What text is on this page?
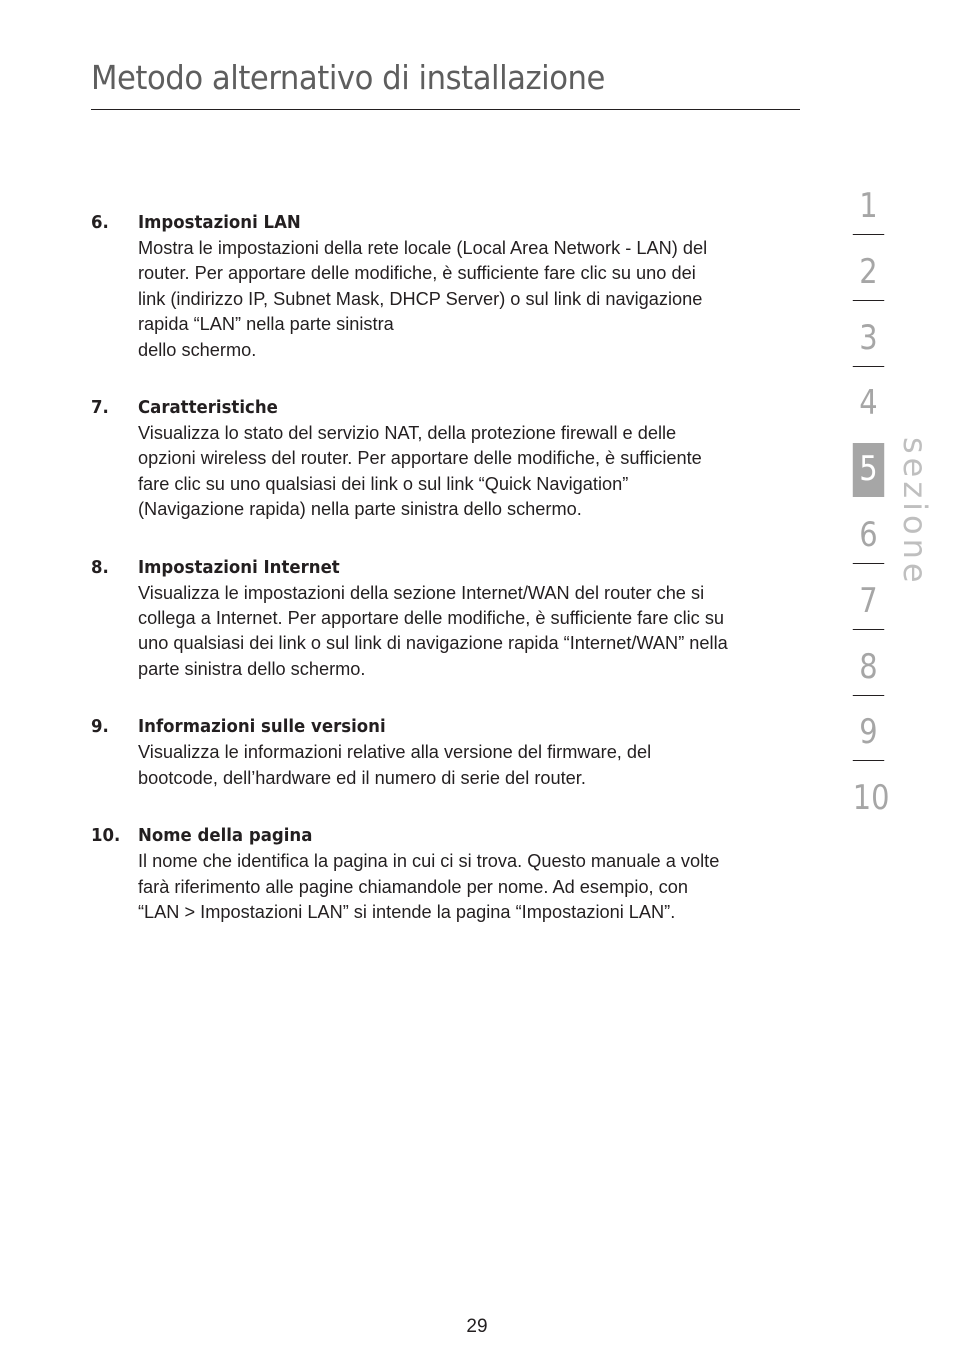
Metodo alternativo di installazione
6. Impostazioni LAN

Mostra le impostazioni della rete locale (Local Area Network - LAN) del
router. Per apportare delle modifiche, è sufficiente fare clic su uno dei
link (indirizzo IP, Subnet Mask, DHCP Server) o sul link di navigazione
rapida “LAN” nella parte sinistra
dello schermo.

7. Caratteristiche

Visualizza lo stato del servizio NAT, della protezione firewall e delle
opzioni wireless del router. Per apportare delle modifiche, è sufficiente
fare clic su uno qualsiasi dei link o sul link “Quick Navigation”
(Navigazione rapida) nella parte sinistra dello schermo.

8. Impostazioni Internet

Visualizza le impostazioni della sezione Internet/WAN del router che si
collega a Internet. Per apportare delle modifiche, è sufficiente fare clic su
uno qualsiasi dei link o sul link di navigazione rapida “Internet/WAN” nella
parte sinistra dello schermo.

9. Informazioni sulle versioni

Visualizza le informazioni relative alla versione del firmware, del
bootcode, dell’hardware ed il numero di serie del router.

10. Nome della pagina

Il nome che identifica la pagina in cui ci si trova. Questo manuale a volte
farà riferimento alle pagine chiamandole per nome. Ad esempio, con
“LAN > Impostazioni LAN” si intende la pagina “Impostazioni LAN”.

1
2
3
4
5
6
7
8
9
10
sezione
29
